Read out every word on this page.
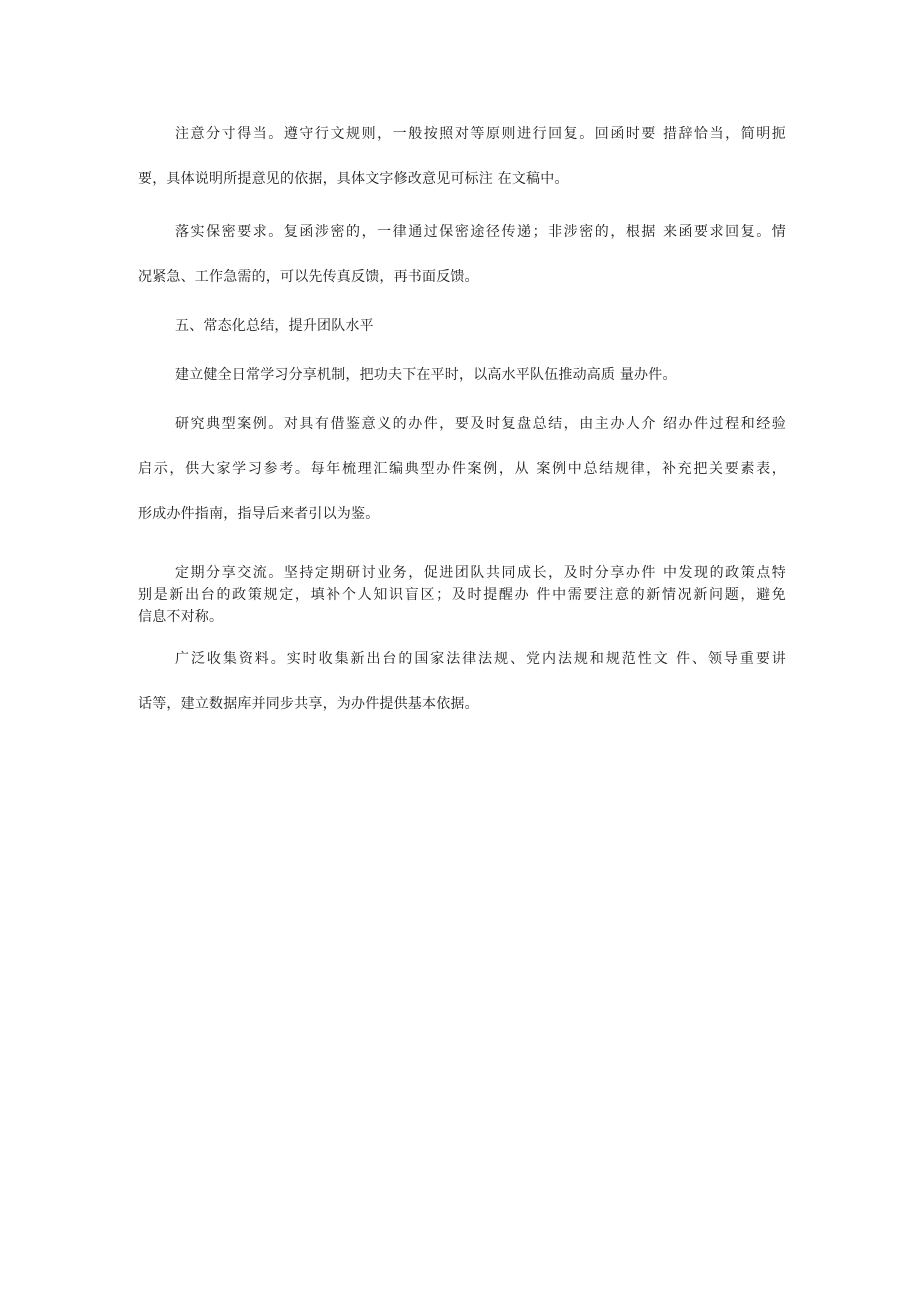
注意分寸得当。遵守行文规则，一般按照对等原则进行回复。回函时要 措辞恰当，简明扼
要，具体说明所提意见的依据，具体文字修改意见可标注 在文稿中。

落实保密要求。复函涉密的，一律通过保密途径传递；非涉密的，根据 来函要求回复。情
况紧急、工作急需的，可以先传真反馈，再书面反馈。

五、常态化总结，提升团队水平

建立健全日常学习分享机制，把功夫下在平时，以高水平队伍推动高质 量办件。

研究典型案例。对具有借鉴意义的办件，要及时复盘总结，由主办人介 绍办件过程和经验
启示，供大家学习参考。每年梳理汇编典型办件案例，从 案例中总结规律，补充把关要素表，
形成办件指南，指导后来者引以为鉴。

定期分享交流。坚持定期研讨业务，促进团队共同成长，及时分享办件 中发现的政策点特
别是新出台的政策规定，填补个人知识盲区；及时提醒办 件中需要注意的新情况新问题，避免
信息不对称。

广泛收集资料。实时收集新出台的国家法律法规、党内法规和规范性文 件、领导重要讲
话等，建立数据库并同步共享，为办件提供基本依据。
